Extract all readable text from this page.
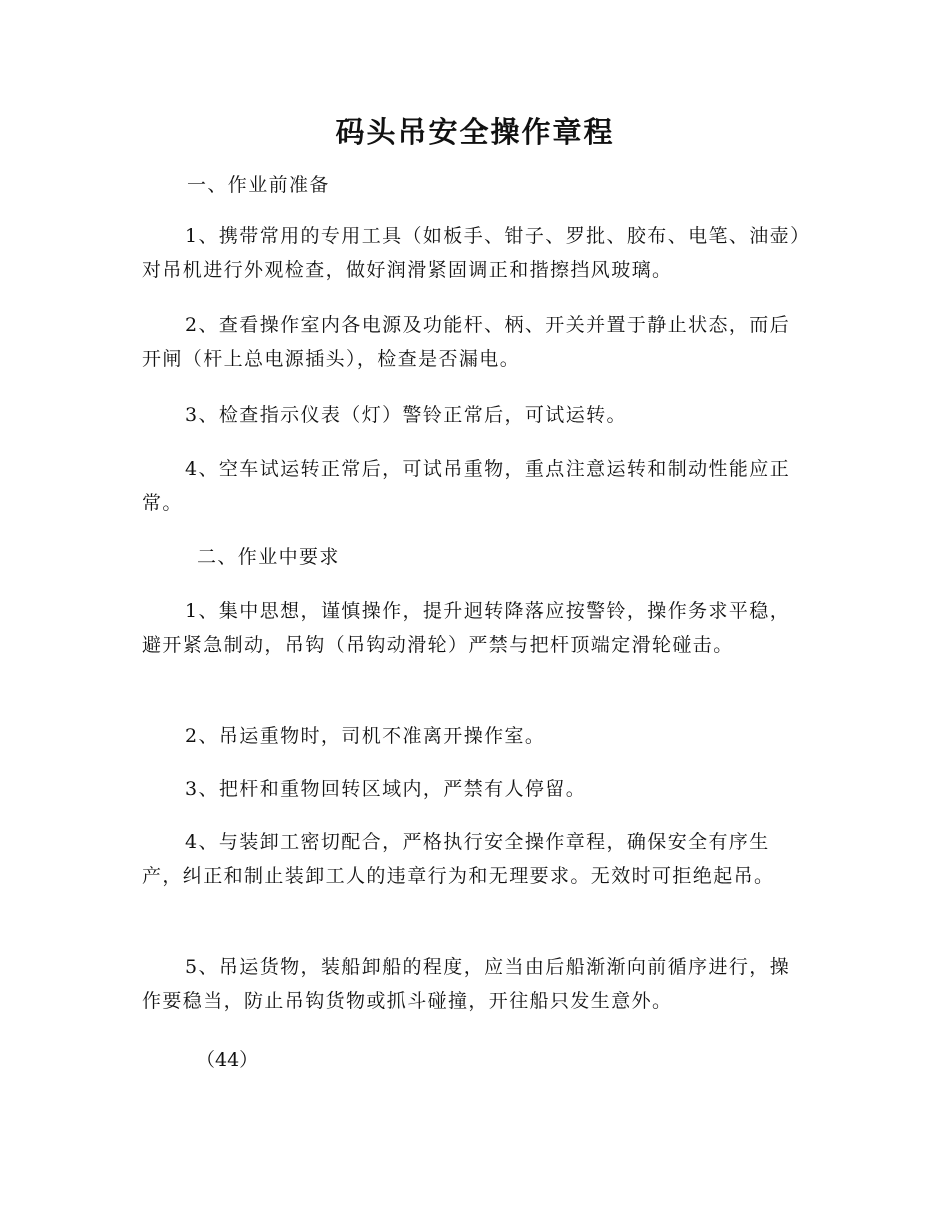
码头吊安全操作章程

一、作业前准备

1、携带常用的专用工具（如板手、钳子、罗批、胶布、电笔、油壶）对吊机进行外观检查，做好润滑紧固调正和揩擦挡风玻璃。

2、查看操作室内各电源及功能杆、柄、开关并置于静止状态，而后开闸（杆上总电源插头），检查是否漏电。

3、检查指示仪表（灯）警铃正常后，可试运转。

4、空车试运转正常后，可试吊重物，重点注意运转和制动性能应正常。

二、作业中要求

1、集中思想，谨慎操作，提升迥转降落应按警铃，操作务求平稳，避开紧急制动，吊钩（吊钩动滑轮）严禁与把杆顶端定滑轮碰击。

2、吊运重物时，司机不准离开操作室。

3、把杆和重物回转区域内，严禁有人停留。

4、与装卸工密切配合，严格执行安全操作章程，确保安全有序生产，纠正和制止装卸工人的违章行为和无理要求。无效时可拒绝起吊。

5、吊运货物，装船卸船的程度，应当由后船渐渐向前循序进行，操作要稳当，防止吊钩货物或抓斗碰撞，开往船只发生意外。

（44）
